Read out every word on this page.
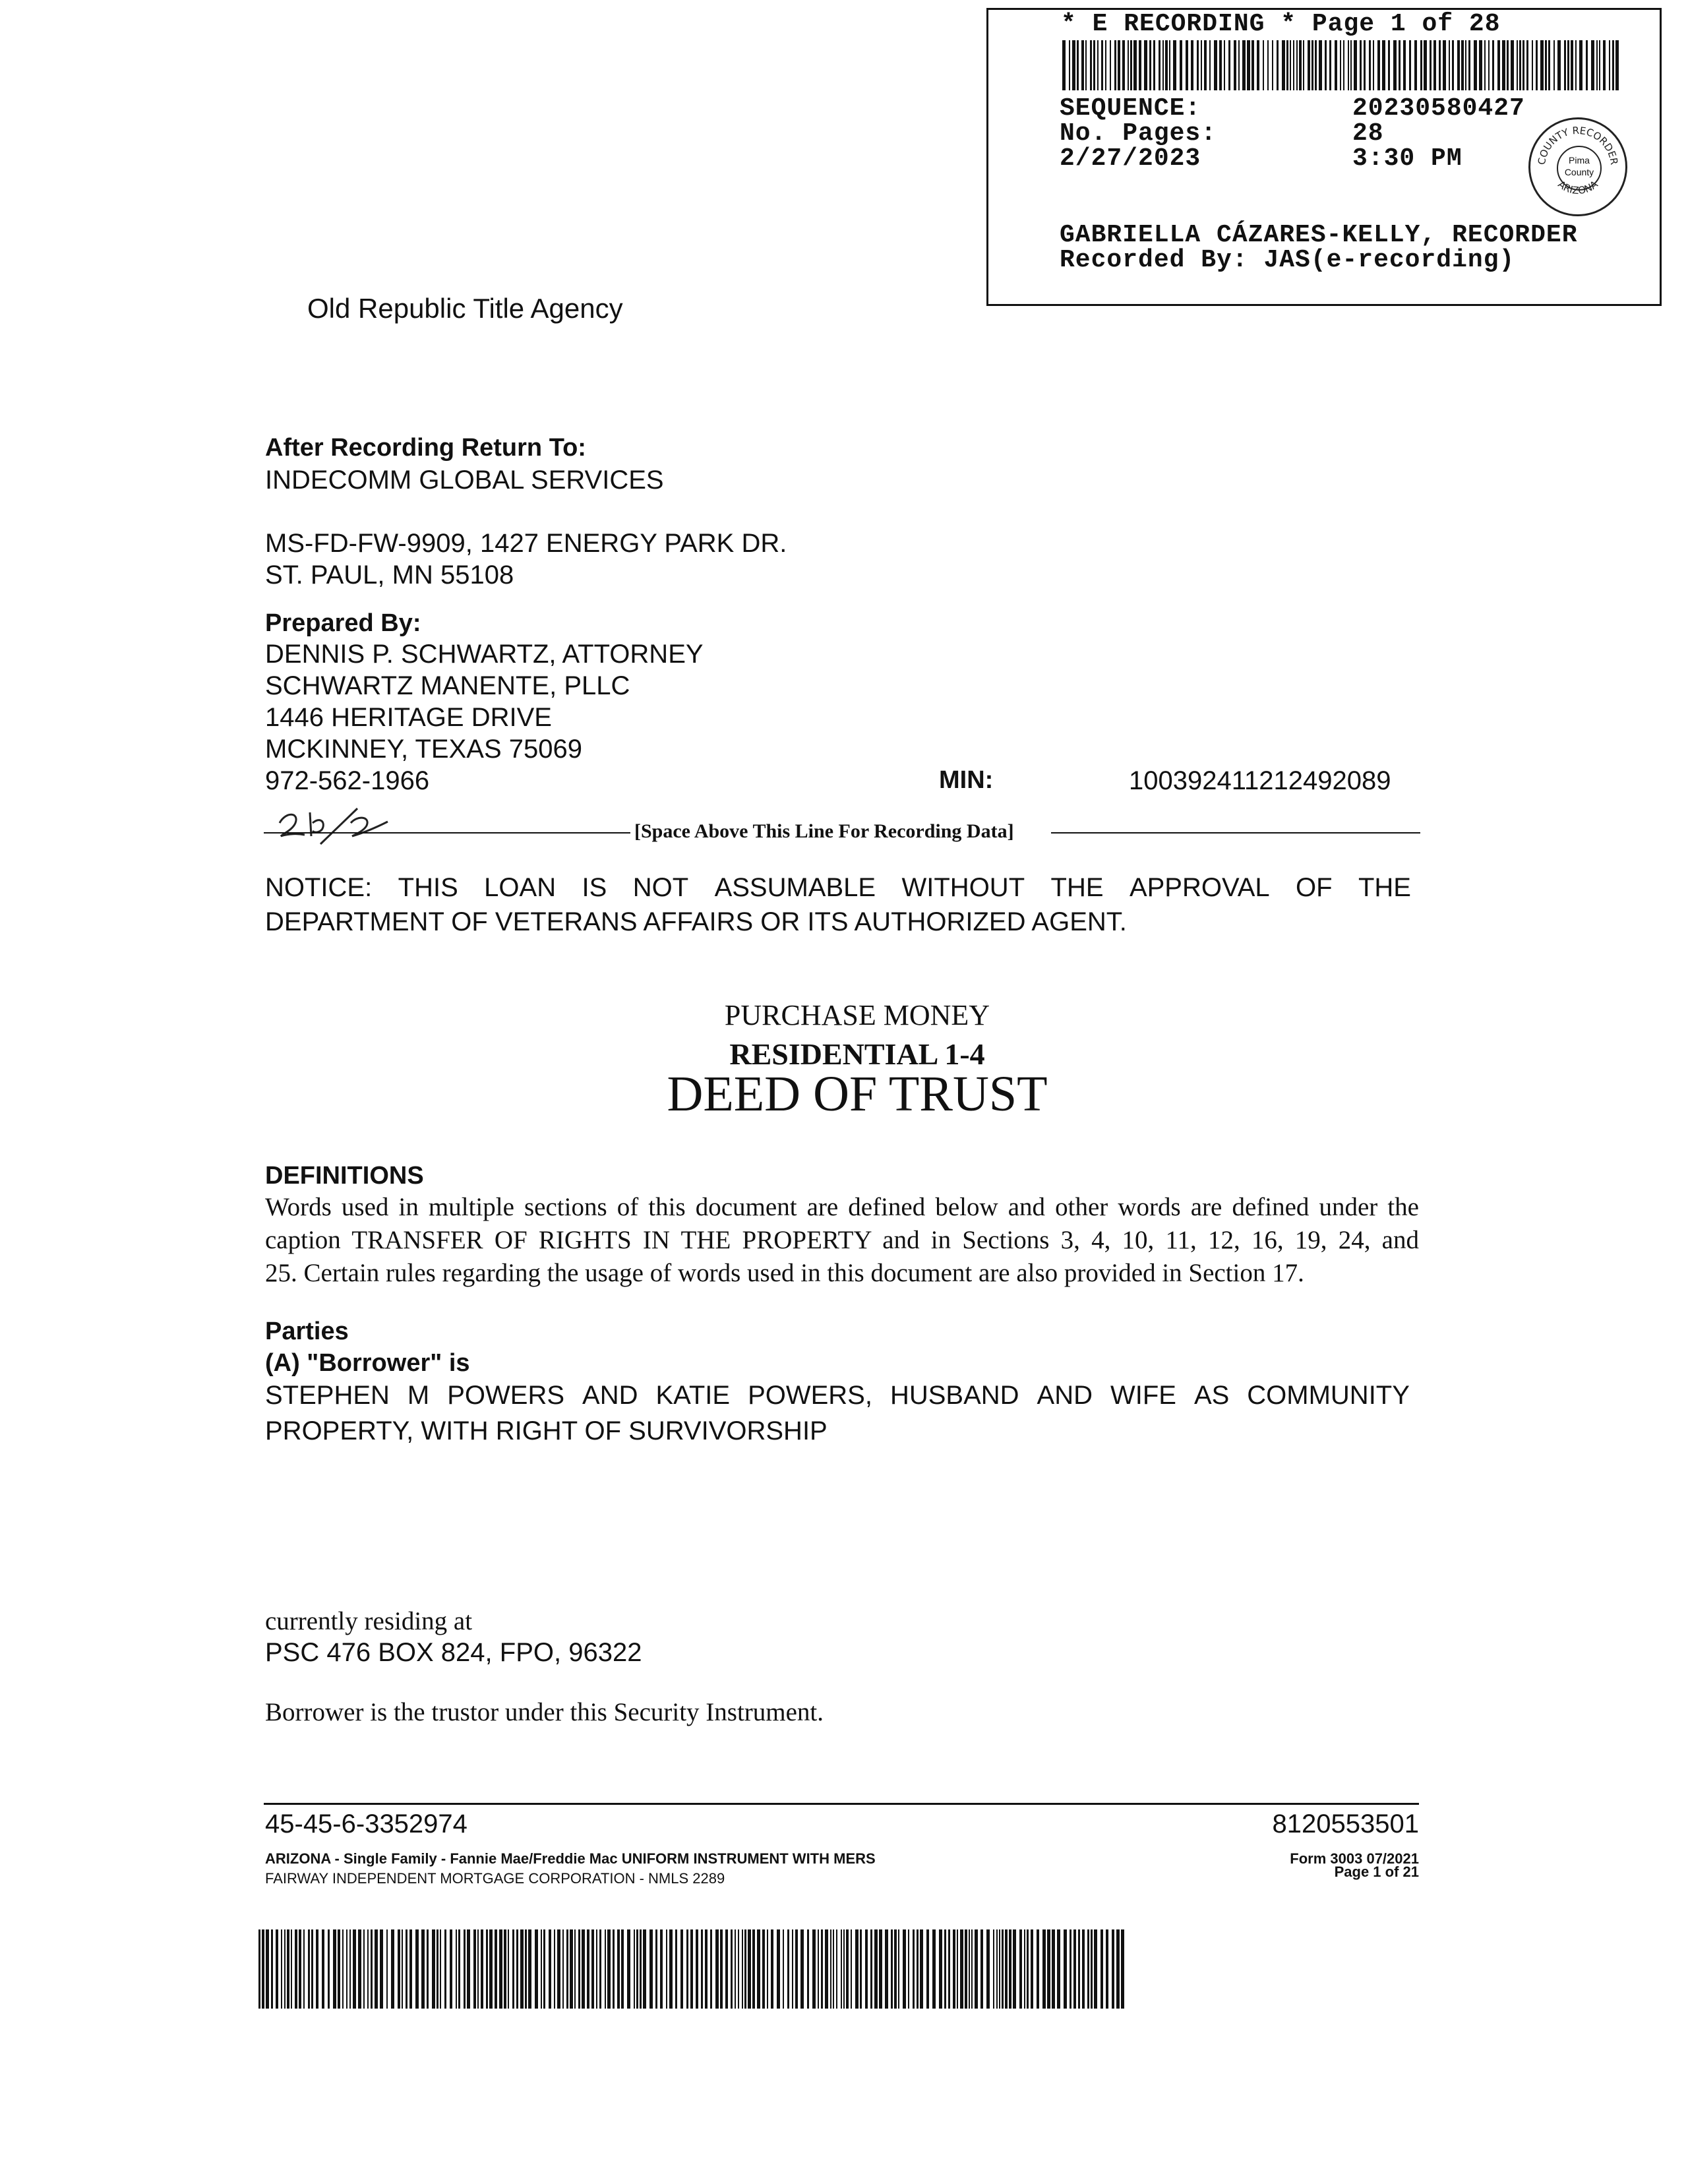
* E RECORDING * Page 1 of 28
SEQUENCE:	20230580427
No. Pages:	28
2/27/2023	3:30 PM
GABRIELLA CÁZARES-KELLY, RECORDER
Recorded By: JAS(e-recording)
COUNTY RECORDER
ARIZONA
Pima
County
Old Republic Title Agency
After Recording Return To:
INDECOMM GLOBAL SERVICES
MS-FD-FW-9909, 1427 ENERGY PARK DR.
ST. PAUL, MN 55108
Prepared By:
DENNIS P. SCHWARTZ, ATTORNEY
SCHWARTZ MANENTE, PLLC
1446 HERITAGE DRIVE
MCKINNEY, TEXAS 75069
972-562-1966	MIN:	100392411212492089
[Space Above This Line For Recording Data]
NOTICE: THIS LOAN IS NOT ASSUMABLE WITHOUT THE APPROVAL OF THE
DEPARTMENT OF VETERANS AFFAIRS OR ITS AUTHORIZED AGENT.
PURCHASE MONEY
RESIDENTIAL 1-4
DEED OF TRUST
DEFINITIONS
Words used in multiple sections of this document are defined below and other words are defined under the
caption TRANSFER OF RIGHTS IN THE PROPERTY and in Sections 3, 4, 10, 11, 12, 16, 19, 24, and
25. Certain rules regarding the usage of words used in this document are also provided in Section 17.
Parties
(A) "Borrower" is
STEPHEN M POWERS AND KATIE POWERS, HUSBAND AND WIFE AS COMMUNITY
PROPERTY, WITH RIGHT OF SURVIVORSHIP
currently residing at
PSC 476 BOX 824, FPO, 96322
Borrower is the trustor under this Security Instrument.
45-45-6-3352974	8120553501
ARIZONA - Single Family - Fannie Mae/Freddie Mac UNIFORM INSTRUMENT WITH MERS
FAIRWAY INDEPENDENT MORTGAGE CORPORATION - NMLS 2289
Form 3003 07/2021
Page 1 of 21
